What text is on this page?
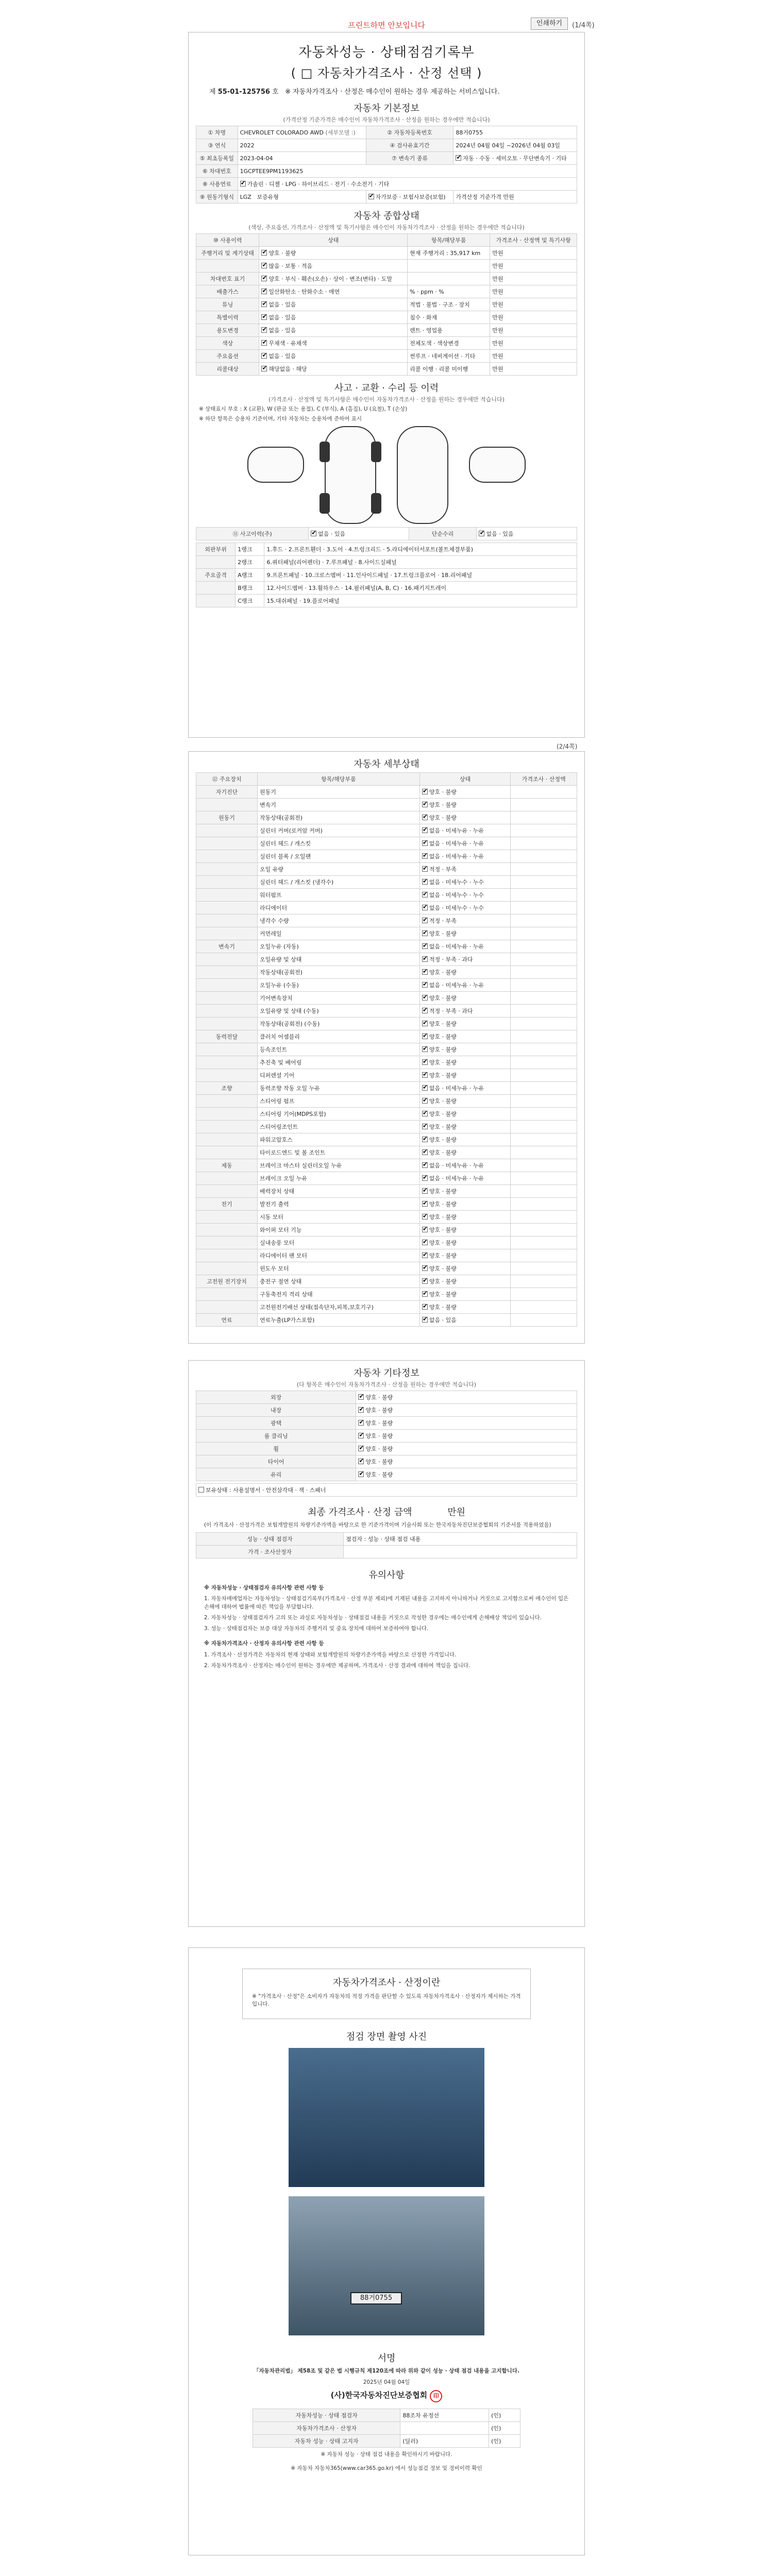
프린트하면 안보입니다	인쇄하기	(1/4쪽)
자동차성능 · 상태점검기록부
( □ 자동차가격조사 · 산정 선택 )
제 55-01-125756 호 ※ 자동차가격조사 · 산정은 매수인이 원하는 경우 제공하는 서비스입니다.
자동차 기본정보
(가격산정 기준가격은 매수인이 자동차가격조사 · 산정을 원하는 경우에만 적습니다)
① 차명	CHEVROLET COLORADO AWD (세부모델 :)	② 자동차등록번호	88거0755
③ 연식	2022	④ 검사유효기간	2024년 04월 04일 ~2026년 04월 03일
⑤ 최초등록일	2023-04-04	⑦ 변속기 종류	✔자동 · 수동 · 세미오토 · 무단변속기 · 기타
⑥ 차대번호	1GCPTEE9PM1193625		
⑧ 사용연료	✔가솔린 · 디젤 · LPG · 하이브리드 · 전기 · 수소전기 · 기타
⑨ 원동기형식	LGZ 보증유형	✔자가보증 · 보험사보증(보험)	가격산정 기준가격 만원
자동차 종합상태
(색상, 주요옵션, 가격조사 · 산정액 및 특기사항은 매수인이 자동차가격조사 · 산정을 원하는 경우에만 적습니다)
⑩ 사용이력	상태	항목/해당부품	가격조사 · 산정액 및 특기사항
주행거리 및 계기상태	✔양호 · 불량	현재 주행거리 : 35,917 km	만원
	✔많음 · 보통 · 적음		만원
차대번호 표기	✔양호 · 부식 · 훼손(오손) · 상이 · 변조(변타) · 도말		만원
배출가스	✔일산화탄소 · 탄화수소 · 매연	% · ppm · %	만원
튜닝	✔없음 · 있음	적법 · 불법 · 구조 · 장치	만원
특별이력	✔없음 · 있음	침수 · 화재	만원
용도변경	✔없음 · 있음	렌트 · 영업용	만원
색상	✔무채색 · 유채색	전체도색 · 색상변경	만원
주요옵션	✔없음 · 있음	썬루프 · 네비게이션 · 기타	만원
리콜대상	✔해당없음 · 해당	리콜 이행 · 리콜 미이행	만원
사고 · 교환 · 수리 등 이력
(가격조사 · 산정액 및 특기사항은 매수인이 자동차가격조사 · 산정을 원하는 경우에만 적습니다)
※ 상태표시 부호 : X (교환), W (판금 또는 용접), C (부식), A (흠집), U (요철), T (손상)
※ 하단 항목은 승용차 기준이며, 기타 자동차는 승용차에 준하여 표시
⑪ 사고이력(주)	✔없음 · 있음	단순수리	✔없음 · 있음
외판부위	1랭크	1.후드 · 2.프론트휀더 · 3.도어 · 4.트렁크리드 · 5.라디에이터서포트(볼트체결부품)
	2랭크	6.쿼터패널(리어펜더) · 7.루프패널 · 8.사이드실패널
주요골격	A랭크	9.프론트패널 · 10.크로스멤버 · 11.인사이드패널 · 17.트렁크플로어 · 18.리어패널
	B랭크	12.사이드멤버 · 13.휠하우스 · 14.필러패널(A, B, C) · 16.패키지트레이
	C랭크	15.대쉬패널 · 19.플로어패널
(2/4쪽)
자동차 세부상태
⑫ 주요장치	항목/해당부품	상태	가격조사 · 산정액
자기진단	원동기	✔양호 · 불량	
	변속기	✔양호 · 불량	
원동기	작동상태(공회전)	✔양호 · 불량	
	실린더 커버(로커암 커버)	✔없음 · 미세누유 · 누유	
	실린더 헤드 / 개스킷	✔없음 · 미세누유 · 누유	
	실린더 블록 / 오일팬	✔없음 · 미세누유 · 누유	
	오일 유량	✔적정 · 부족	
	실린더 헤드 / 개스킷 (냉각수)	✔없음 · 미세누수 · 누수	
	워터펌프	✔없음 · 미세누수 · 누수	
	라디에이터	✔없음 · 미세누수 · 누수	
	냉각수 수량	✔적정 · 부족	
	커먼레일	✔양호 · 불량	
변속기	오일누유 (자동)	✔없음 · 미세누유 · 누유	
	오일유량 및 상태	✔적정 · 부족 · 과다	
	작동상태(공회전)	✔양호 · 불량	
	오일누유 (수동)	✔없음 · 미세누유 · 누유	
	기어변속장치	✔양호 · 불량	
	오일유량 및 상태 (수동)	✔적정 · 부족 · 과다	
	작동상태(공회전) (수동)	✔양호 · 불량	
동력전달	클러치 어셈블리	✔양호 · 불량	
	등속조인트	✔양호 · 불량	
	추진축 및 베어링	✔양호 · 불량	
	디퍼렌셜 기어	✔양호 · 불량	
조향	동력조향 작동 오일 누유	✔없음 · 미세누유 · 누유	
	스티어링 펌프	✔양호 · 불량	
	스티어링 기어(MDPS포함)	✔양호 · 불량	
	스티어링조인트	✔양호 · 불량	
	파워고압호스	✔양호 · 불량	
	타이로드엔드 및 볼 조인트	✔양호 · 불량	
제동	브레이크 마스터 실린더오일 누유	✔없음 · 미세누유 · 누유	
	브레이크 오일 누유	✔없음 · 미세누유 · 누유	
	배력장치 상태	✔양호 · 불량	
전기	발전기 출력	✔양호 · 불량	
	시동 모터	✔양호 · 불량	
	와이퍼 모터 기능	✔양호 · 불량	
	실내송풍 모터	✔양호 · 불량	
	라디에이터 팬 모터	✔양호 · 불량	
	윈도우 모터	✔양호 · 불량	
고전원 전기장치	충전구 절연 상태	✔양호 · 불량	
	구동축전지 격리 상태	✔양호 · 불량	
	고전원전기배선 상태(접속단자,피복,보호기구)	✔양호 · 불량	
연료	연료누출(LP가스포함)	✔없음 · 있음	
자동차 기타정보
(다 항목은 매수인이 자동차가격조사 · 산정을 원하는 경우에만 적습니다)
외장	✔양호 · 불량
내장	✔양호 · 불량
광택	✔양호 · 불량
룸 클리닝	✔양호 · 불량
휠	✔양호 · 불량
타이어	✔양호 · 불량
유리	✔양호 · 불량
보유상태 : 사용설명서 · 안전삼각대 · 잭 · 스패너
최종 가격조사 · 산정 금액	만원
(이 가격조사 · 산정가격은 보험개발원의 차량기준가액을 바탕으로 한 기준가격이며 기술사회 또는 한국자동차진단보증협회의 기준서를 적용하였음)
성능 · 상태 점검자	점검자 : 성능 · 상태 점검 내용
가격 · 조사산정자	
유의사항
※ 자동차성능 · 상태점검자 유의사항 관련 사항 등
1. 자동차매매업자는 자동차성능 · 상태점검기록부(가격조사 · 산정 부분 제외)에 기재된 내용을 고지하지 아니하거나 거짓으로 고지함으로써 매수인이 입은 손해에 대하여 법률에 따른 책임을 부담합니다.
2. 자동차성능 · 상태점검자가 고의 또는 과실로 자동차성능 · 상태점검 내용을 거짓으로 작성한 경우에는 매수인에게 손해배상 책임이 있습니다.
3. 성능 · 상태점검자는 보증 대상 자동차의 주행거리 및 중요 장치에 대하여 보증하여야 합니다.
※ 자동차가격조사 · 산정자 유의사항 관련 사항 등
1. 가격조사 · 산정가격은 자동차의 현재 상태와 보험개발원의 차량기준가액을 바탕으로 산정한 가격입니다.
2. 자동차가격조사 · 산정자는 매수인이 원하는 경우에만 제공하며, 가격조사 · 산정 결과에 대하여 책임을 집니다.
자동차가격조사 · 산정이란
※ "가격조사 · 산정"은 소비자가 자동차의 적정 가격을 판단할 수 있도록 자동차가격조사 · 산정자가 제시하는 가격입니다.
점검 장면 촬영 사진
88거0755
서명
「자동차관리법」 제58조 및 같은 법 시행규칙 제120조에 따라 위와 같이 성능 · 상태 점검 내용을 고지합니다.
2025년 04월 04일
(사)한국자동차진단보증협회 印
자동차성능 · 상태 점검자	88조차 유정선	(인)
자동차가격조사 · 산정자		(인)
자동차 성능 · 상태 고지자	(딜러)	(인)
※ 자동차 성능 · 상태 점검 내용을 확인하시기 바랍니다.
※ 자동차 자동차365(www.car365.go.kr) 에서 성능점검 정보 및 정비이력 확인
